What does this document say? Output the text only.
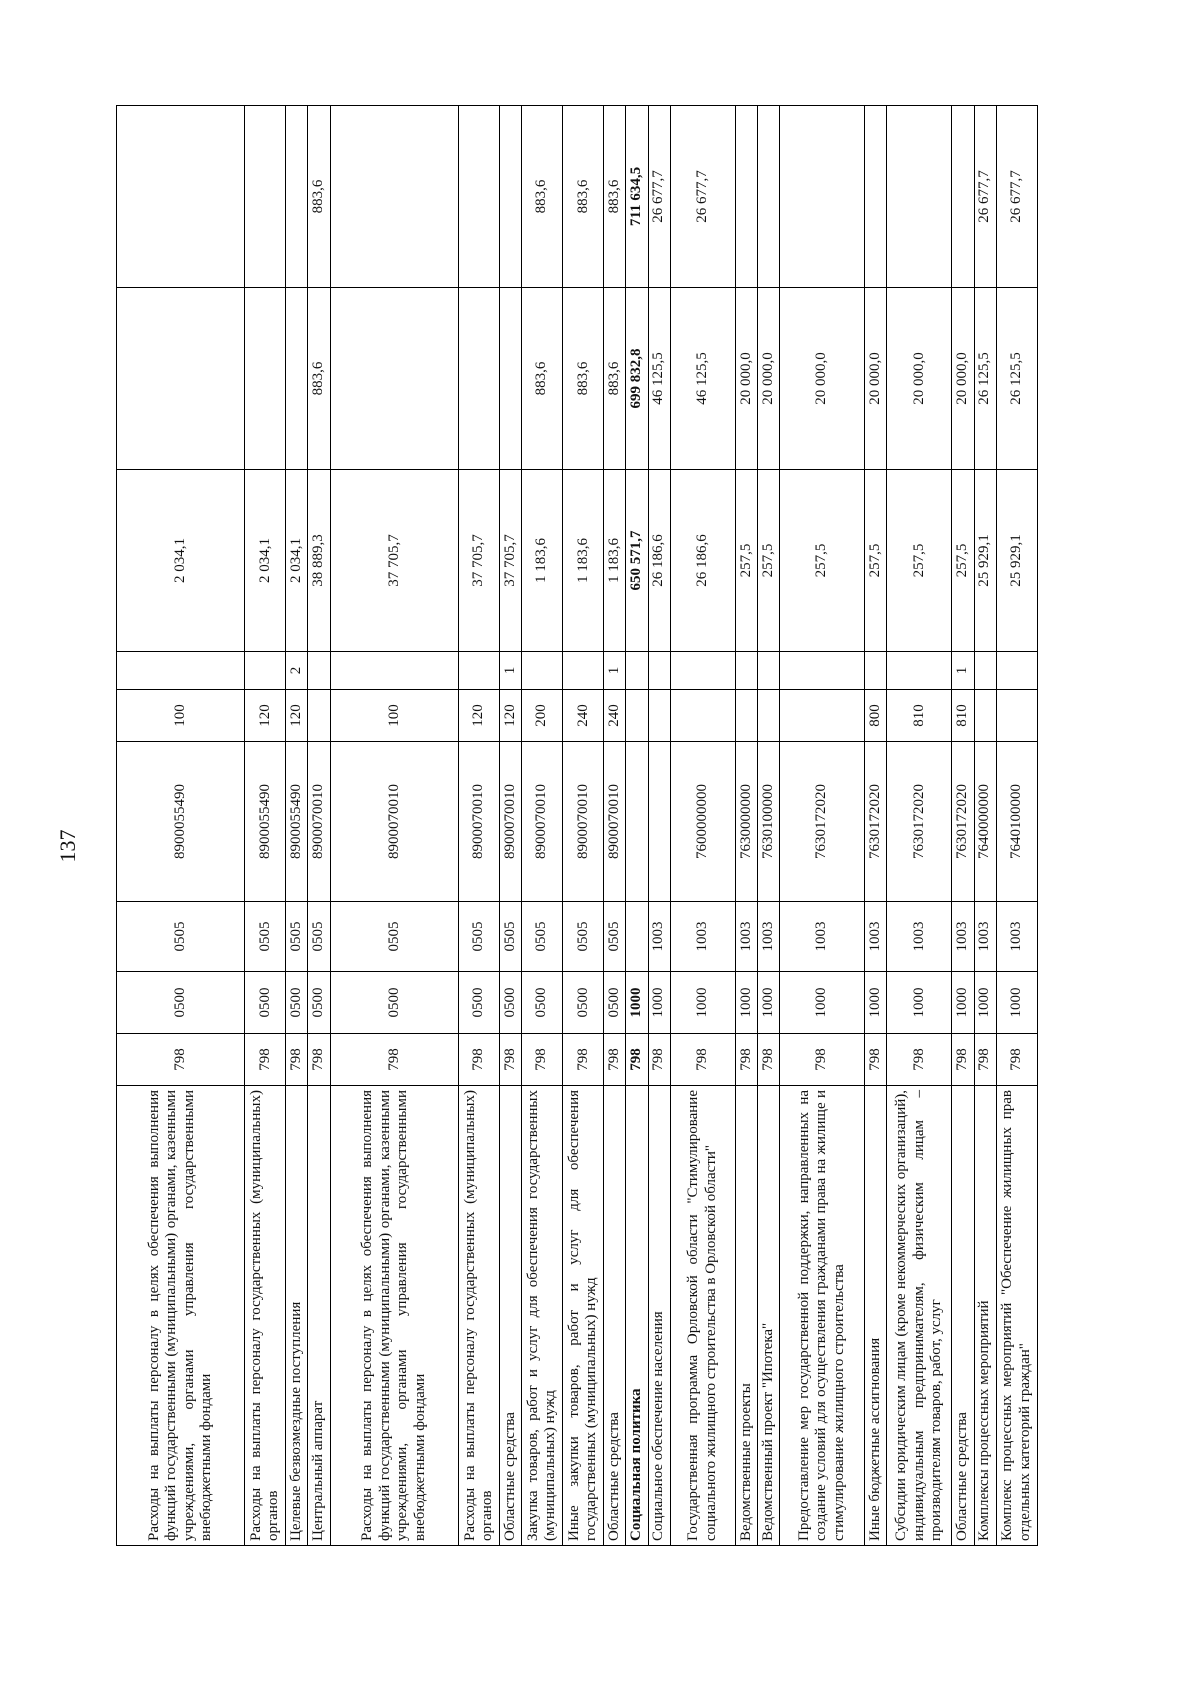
137
Расходы на выплаты персоналу в целях обеспечения выполнения функций государственными (муниципальными) органами, казенными учреждениями, органами управления государственными внебюджетными фондами	798	0500	0505	8900055490	100		2 034,1		
Расходы на выплаты персоналу государственных (муниципальных) органов	798	0500	0505	8900055490	120		2 034,1		
Целевые безвозмездные поступления	798	0500	0505	8900055490	120	2	2 034,1		
Центральный аппарат	798	0500	0505	8900070010			38 889,3	883,6	883,6
Расходы на выплаты персоналу в целях обеспечения выполнения функций государственными (муниципальными) органами, казенными учреждениями, органами управления государственными внебюджетными фондами	798	0500	0505	8900070010	100		37 705,7		
Расходы на выплаты персоналу государственных (муниципальных) органов	798	0500	0505	8900070010	120		37 705,7		
Областные средства	798	0500	0505	8900070010	120	1	37 705,7		
Закупка товаров, работ и услуг для обеспечения государственных (муниципальных) нужд	798	0500	0505	8900070010	200		1 183,6	883,6	883,6
Иные закупки товаров, работ и услуг для обеспечения государственных (муниципальных) нужд	798	0500	0505	8900070010	240		1 183,6	883,6	883,6
Областные средства	798	0500	0505	8900070010	240	1	1 183,6	883,6	883,6
Социальная политика	798	1000					650 571,7	699 832,8	711 634,5
Социальное обеспечение населения	798	1000	1003				26 186,6	46 125,5	26 677,7
Государственная программа Орловской области "Стимулирование социального жилищного строительства в Орловской области"	798	1000	1003	7600000000			26 186,6	46 125,5	26 677,7
Ведомственные проекты	798	1000	1003	7630000000			257,5	20 000,0	
Ведомственный проект "Ипотека"	798	1000	1003	7630100000			257,5	20 000,0	
Предоставление мер государственной поддержки, направленных на создание условий для осуществления гражданами права на жилище и стимулирование жилищного строительства	798	1000	1003	7630172020			257,5	20 000,0	
Иные бюджетные ассигнования	798	1000	1003	7630172020	800		257,5	20 000,0	
Субсидии юридическим лицам (кроме некоммерческих организаций), индивидуальным предпринимателям, физическим лицам – производителям товаров, работ, услуг	798	1000	1003	7630172020	810		257,5	20 000,0	
Областные средства	798	1000	1003	7630172020	810	1	257,5	20 000,0	
Комплексы процессных мероприятий	798	1000	1003	7640000000			25 929,1	26 125,5	26 677,7
Комплекс процессных мероприятий "Обеспечение жилищных прав отдельных категорий граждан"	798	1000	1003	7640100000			25 929,1	26 125,5	26 677,7
